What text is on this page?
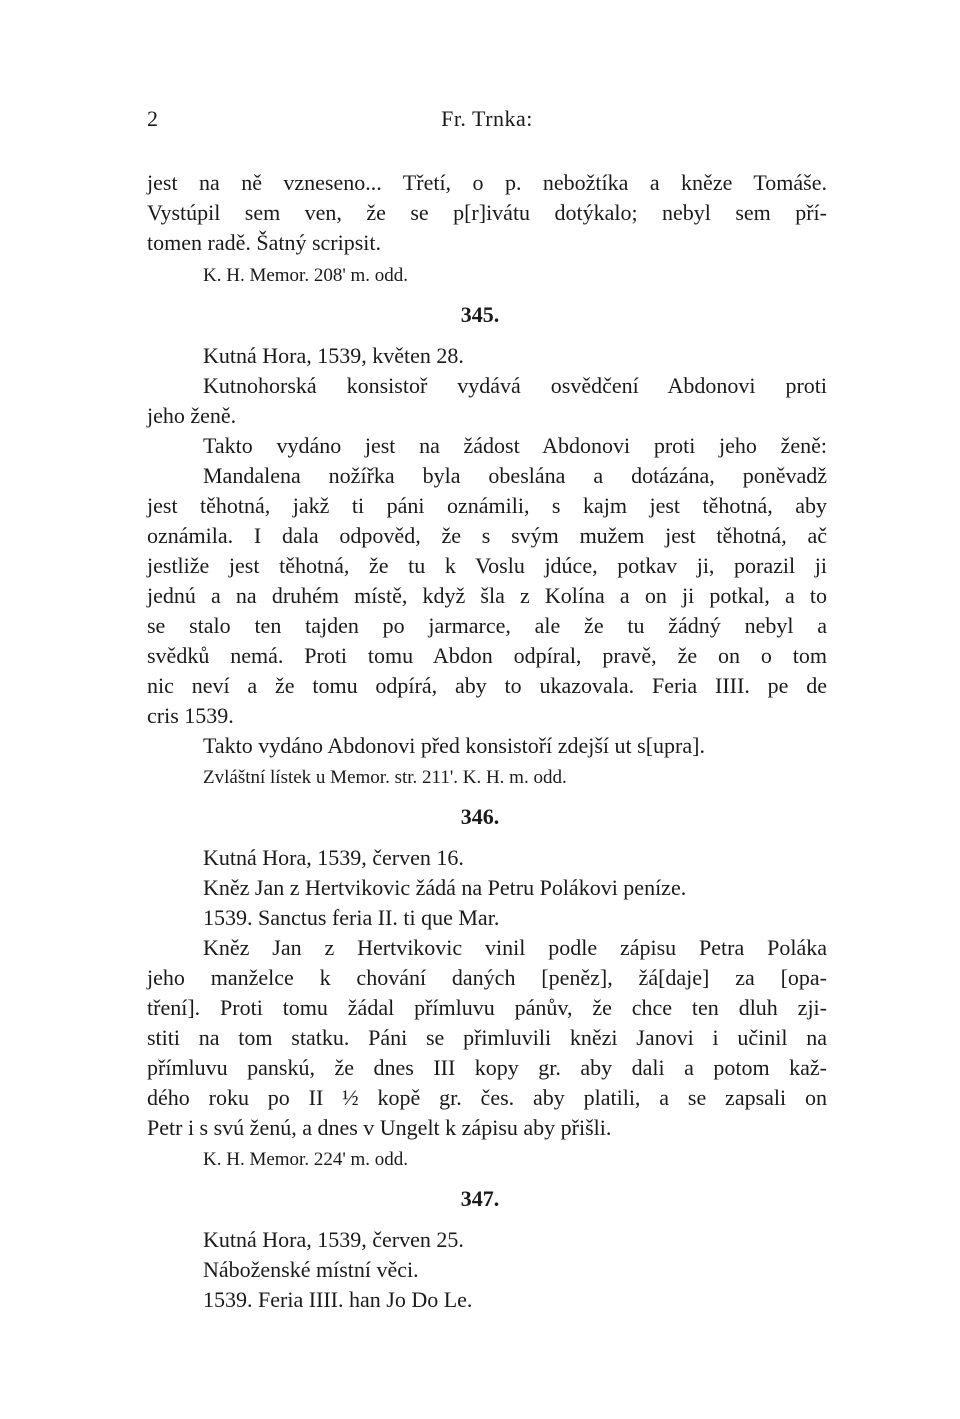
2	Fr. Trnka:
jest na ně vzneseno... Třetí, o p. nebožtíka a kněze Tomáše.
Vystúpil sem ven, že se p[r]ivátu dotýkalo; nebyl sem pří-
tomen radě. Šatný scripsit.
K. H. Memor. 208' m. odd.
345.
Kutná Hora, 1539, květen 28.
Kutnohorská konsistoř vydává osvědčení Abdonovi proti
jeho ženě.
Takto vydáno jest na žádost Abdonovi proti jeho ženě:
Mandalena nožířka byla obeslána a dotázána, poněvadž
jest těhotná, jakž ti páni oznámili, s kajm jest těhotná, aby
oznámila. I dala odpověd, že s svým mužem jest těhotná, ač
jestliže jest těhotná, že tu k Voslu jdúce, potkav ji, porazil ji
jednú a na druhém místě, když šla z Kolína a on ji potkal, a to
se stalo ten tajden po jarmarce, ale že tu žádný nebyl a
svědků nemá. Proti tomu Abdon odpíral, pravě, že on o tom
nic neví a že tomu odpírá, aby to ukazovala. Feria IIII. pe de
cris 1539.
Takto vydáno Abdonovi před konsistoří zdejší ut s[upra].
Zvláštní lístek u Memor. str. 211'. K. H. m. odd.
346.
Kutná Hora, 1539, červen 16.
Kněz Jan z Hertvikovic žádá na Petru Polákovi peníze.
1539. Sanctus feria II. ti que Mar.
Kněz Jan z Hertvikovic vinil podle zápisu Petra Poláka
jeho manželce k chování daných [peněz], žá[daje] za [opa-
tření]. Proti tomu žádal přímluvu pánův, že chce ten dluh zji-
stiti na tom statku. Páni se přimluvili knězi Janovi i učinil na
přímluvu panskú, že dnes III kopy gr. aby dali a potom kaž-
dého roku po II ½ kopě gr. čes. aby platili, a se zapsali on
Petr i s svú ženú, a dnes v Ungelt k zápisu aby přišli.
K. H. Memor. 224' m. odd.
347.
Kutná Hora, 1539, červen 25.
Náboženské místní věci.
1539. Feria IIII. han Jo Do Le.
